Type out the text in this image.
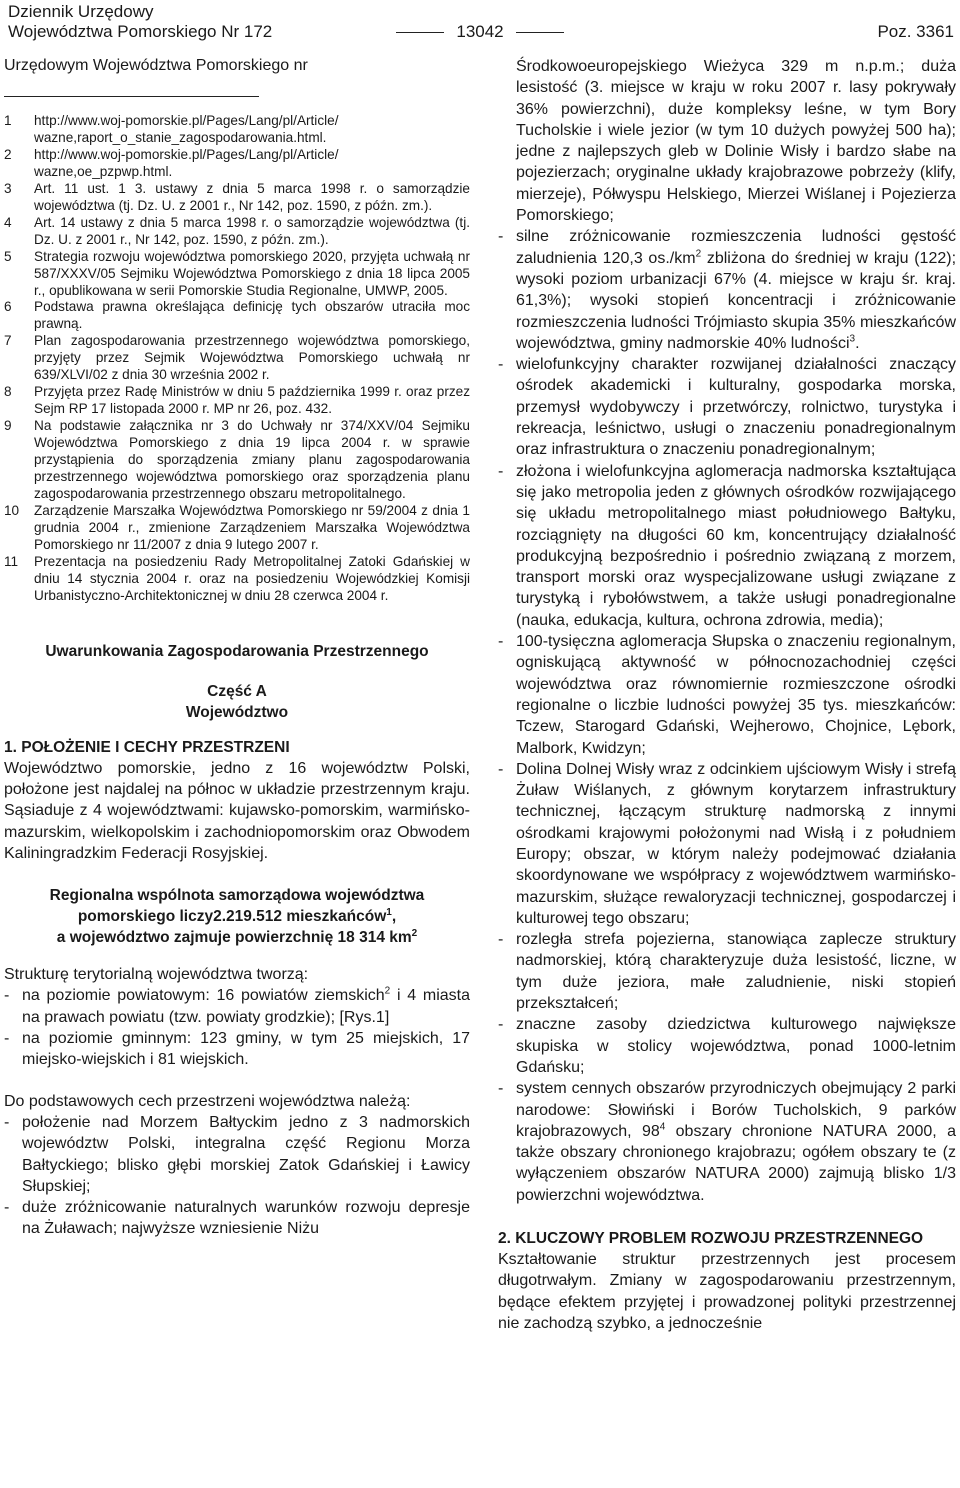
Dziennik Urzędowy
Województwa Pomorskiego Nr 172	13042	Poz. 3361

Urzędowym Województwa Pomorskiego nr

1 http://www.woj-pomorskie.pl/Pages/Lang/pl/Article/ wazne,raport_o_stanie_zagospodarowania.html.
2 http://www.woj-pomorskie.pl/Pages/Lang/pl/Article/ wazne,oe_pzpwp.html.
3 Art. 11 ust. 1 3. ustawy z dnia 5 marca 1998 r. o samorządzie województwa (tj. Dz. U. z 2001 r., Nr 142, poz. 1590, z późn. zm.).
4 Art. 14 ustawy z dnia 5 marca 1998 r. o samorządzie województwa (tj. Dz. U. z 2001 r., Nr 142, poz. 1590, z późn. zm.).
5 Strategia rozwoju województwa pomorskiego 2020, przyjęta uchwałą nr 587/XXXV/05 Sejmiku Województwa Pomorskiego z dnia 18 lipca 2005 r., opublikowana w serii Pomorskie Studia Regionalne, UMWP, 2005.
6 Podstawa prawna określająca definicję tych obszarów utraciła moc prawną.
7 Plan zagospodarowania przestrzennego województwa pomorskiego, przyjęty przez Sejmik Województwa Pomorskiego uchwałą nr 639/XLVI/02 z dnia 30 września 2002 r.
8 Przyjęta przez Radę Ministrów w dniu 5 października 1999 r. oraz przez Sejm RP 17 listopada 2000 r. MP nr 26, poz. 432.
9 Na podstawie załącznika nr 3 do Uchwały nr 374/XXV/04 Sejmiku Województwa Pomorskiego z dnia 19 lipca 2004 r. w sprawie przystąpienia do sporządzenia zmiany planu zagospodarowania przestrzennego województwa pomorskiego oraz sporządzenia planu zagospodarowania przestrzennego obszaru metropolitalnego.
10 Zarządzenie Marszałka Województwa Pomorskiego nr 59/2004 z dnia 1 grudnia 2004 r., zmienione Zarządzeniem Marszałka Województwa Pomorskiego nr 11/2007 z dnia 9 lutego 2007 r.
11 Prezentacja na posiedzeniu Rady Metropolitalnej Zatoki Gdańskiej w dniu 14 stycznia 2004 r. oraz na posiedzeniu Wojewódzkiej Komisji Urbanistyczno-Architektonicznej w dniu 28 czerwca 2004 r.
Uwarunkowania Zagospodarowania Przestrzennego
Część A
Województwo

1. POŁOŻENIE I CECHY PRZESTRZENI

Województwo pomorskie, jedno z 16 województw Polski, położone jest najdalej na północ w układzie przestrzennym kraju. Sąsiaduje z 4 województwami: kujawsko-pomorskim, warmińsko-mazurskim, wielkopolskim i zachodniopomorskim oraz Obwodem Kaliningradzkim Federacji Rosyjskiej.

Regionalna wspólnota samorządowa województwa
pomorskiego liczy2.219.512 mieszkańców$^1$,
a województwo zajmuje powierzchnię 18 314 $km^2$

Strukturę terytorialną województwa tworzą:

- na poziomie powiatowym: 16 powiatów ziemskich$^2$ i 4 miasta na prawach powiatu (tzw. powiaty grodzkie); [Rys.1]
- na poziomie gminnym: 123 gminy, w tym 25 miejskich, 17 miejsko-wiejskich i 81 wiejskich.

Do podstawowych cech przestrzeni województwa należą:

- położenie nad Morzem Bałtyckim jedno z 3 nadmorskich województw Polski, integralna część Regionu Morza Bałtyckiego; blisko głębi morskiej Zatok Gdańskiej i Ławicy Słupskiej;
- duże zróżnicowanie naturalnych warunków rozwoju depresje na Żuławach; najwyższe wzniesienie Niżu

Środkowoeuropejskiego Wieżyca 329 m n.p.m.; duża lesistość (3. miejsce w kraju w roku 2007 r. lasy pokrywały 36% powierzchni), duże kompleksy leśne, w tym Bory Tucholskie i wiele jezior (w tym 10 dużych powyżej 500 ha); jedne z najlepszych gleb w Dolinie Wisły i bardzo słabe na pojezierzach; oryginalne układy krajobrazowe pobrzeży (klify, mierzeje), Półwyspu Helskiego, Mierzei Wiślanej i Pojezierza Pomorskiego;

- silne zróżnicowanie rozmieszczenia ludności gęstość zaludnienia 120,3 $os./km^2$ zbliżona do średniej w kraju (122); wysoki poziom urbanizacji 67% (4. miejsce w kraju śr. kraj. 61,3%); wysoki stopień koncentracji i zróżnicowanie rozmieszczenia ludności Trójmiasto skupia 35% mieszkańców województwa, gminy nadmorskie 40% ludności$^3$.
- wielofunkcyjny charakter rozwijanej działalności znaczący ośrodek akademicki i kulturalny, gospodarka morska, przemysł wydobywczy i przetwórczy, rolnictwo, turystyka i rekreacja, leśnictwo, usługi o znaczeniu ponadregionalnym oraz infrastruktura o znaczeniu ponadregionalnym;
- złożona i wielofunkcyjna aglomeracja nadmorska kształtująca się jako metropolia jeden z głównych ośrodków rozwijającego się układu metropolitalnego miast południowego Bałtyku, rozciągnięty na długości 60 km, koncentrujący działalność produkcyjną bezpośrednio i pośrednio związaną z morzem, transport morski oraz wyspecjalizowane usługi związane z turystyką i rybołówstwem, a także usługi ponadregionalne (nauka, edukacja, kultura, ochrona zdrowia, media);
- 100-tysięczna aglomeracja Słupska o znaczeniu regionalnym, ogniskującą aktywność w północnozachodniej części województwa oraz równomiernie rozmieszczone ośrodki regionalne o liczbie ludności powyżej 35 tys. mieszkańców: Tczew, Starogard Gdański, Wejherowo, Chojnice, Lębork, Malbork, Kwidzyn;
- Dolina Dolnej Wisły wraz z odcinkiem ujściowym Wisły i strefą Żuław Wiślanych, z głównym korytarzem infrastruktury technicznej, łączącym strukturę nadmorską z innymi ośrodkami krajowymi położonymi nad Wisłą i z południem Europy; obszar, w którym należy podejmować działania skoordynowane we współpracy z województwem warmińsko-mazurskim, służące rewaloryzacji technicznej, gospodarczej i kulturowej tego obszaru;
- rozległa strefa pojezierna, stanowiąca zaplecze struktury nadmorskiej, którą charakteryzuje duża lesistość, liczne, w tym duże jeziora, małe zaludnienie, niski stopień przekształceń;
- znaczne zasoby dziedzictwa kulturowego największe skupiska w stolicy województwa, ponad 1000-letnim Gdańsku;
- system cennych obszarów przyrodniczych obejmujący 2 parki narodowe: Słowiński i Borów Tucholskich, 9 parków krajobrazowych, $98^4$ obszary chronione NATURA 2000, a także obszary chronionego krajobrazu; ogółem obszary te (z wyłączeniem obszarów NATURA 2000) zajmują blisko 1/3 powierzchni województwa.

2. KLUCZOWY PROBLEM ROZWOJU PRZESTRZENNEGO

Kształtowanie struktur przestrzennych jest procesem długotrwałym. Zmiany w zagospodarowaniu przestrzennym, będące efektem przyjętej i prowadzonej polityki przestrzennej nie zachodzą szybko, a jednocześnie
